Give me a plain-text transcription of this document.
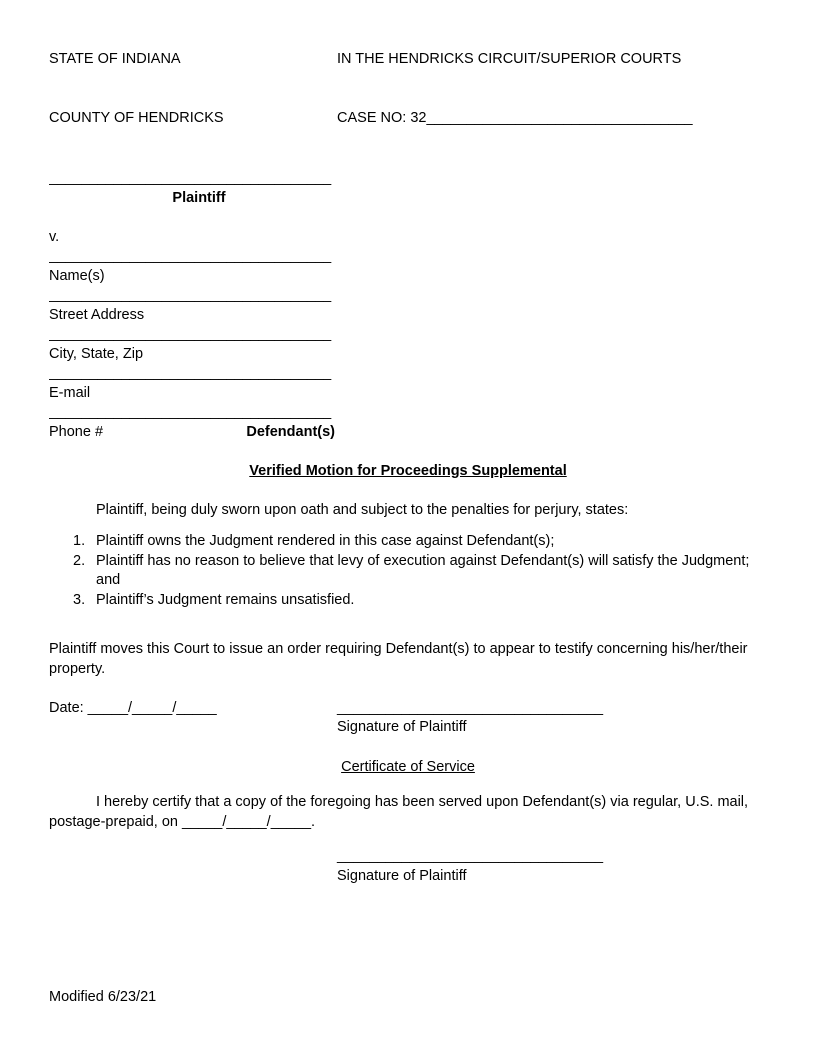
STATE OF INDIANA	IN THE HENDRICKS CIRCUIT/SUPERIOR COURTS
COUNTY OF HENDRICKS	CASE NO: 32_________________________________
___________________________________
Plaintiff
v.
___________________________________
Name(s)
___________________________________
Street Address
___________________________________
City, State, Zip
___________________________________
E-mail
___________________________________
Phone #	Defendant(s)
Verified Motion for Proceedings Supplemental
Plaintiff, being duly sworn upon oath and subject to the penalties for perjury, states:
1. Plaintiff owns the Judgment rendered in this case against Defendant(s);
2. Plaintiff has no reason to believe that levy of execution against Defendant(s) will satisfy the Judgment; and
3. Plaintiff’s Judgment remains unsatisfied.
Plaintiff moves this Court to issue an order requiring Defendant(s) to appear to testify concerning his/her/their property.
Date: _____/_____/_____	_________________________________
Signature of Plaintiff
Certificate of Service
I hereby certify that a copy of the foregoing has been served upon Defendant(s) via regular, U.S. mail, postage-prepaid, on _____/_____/_____.
_________________________________
Signature of Plaintiff
Modified 6/23/21
